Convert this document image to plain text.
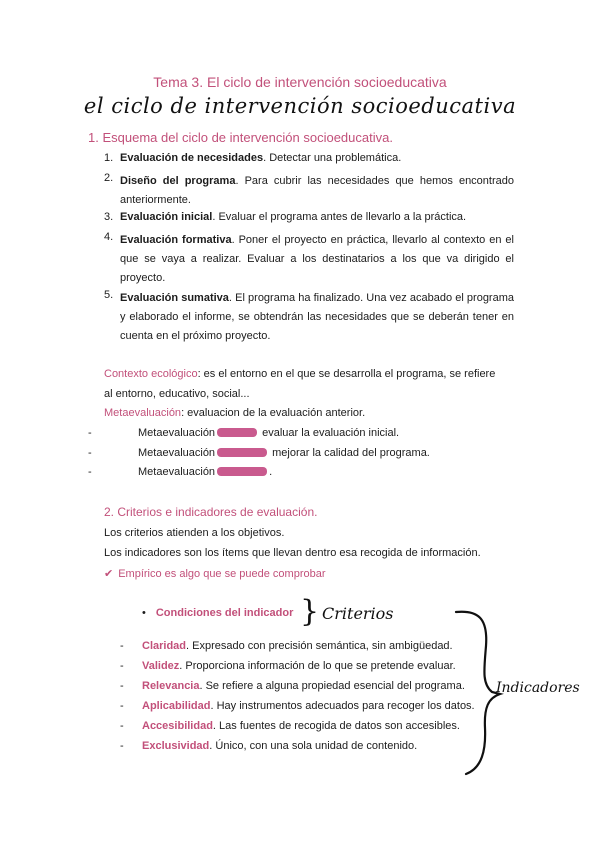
Tema 3. El ciclo de intervención socioeducativa
el ciclo de intervención socioeducativa
1. Esquema del ciclo de intervención socioeducativa.
1. Evaluación de necesidades. Detectar una problemática.
2. Diseño del programa. Para cubrir las necesidades que hemos encontrado anteriormente.
3. Evaluación inicial. Evaluar el programa antes de llevarlo a la práctica.
4. Evaluación formativa. Poner el proyecto en práctica, llevarlo al contexto en el que se vaya a realizar. Evaluar a los destinatarios a los que va dirigido el proyecto.
5. Evaluación sumativa. El programa ha finalizado. Una vez acabado el programa y elaborado el informe, se obtendrán las necesidades que se deberán tener en cuenta en el próximo proyecto.
Contexto ecológico: es el entorno en el que se desarrolla el programa, se refiere
al entorno, educativo, social...
Metaevaluación: evaluacion de la evaluación anterior.
-	Metaevaluación	evaluar la evaluación inicial.
-	Metaevaluación	mejorar la calidad del programa.
-	Metaevaluación	.
2. Criterios e indicadores de evaluación.
Los criterios atienden a los objetivos.
Los indicadores son los ítems que llevan dentro esa recogida de información.
✔ Empírico es algo que se puede comprobar
• Condiciones del indicador } Criterios
- Claridad. Expresado con precisión semántica, sin ambigüedad.
- Validez. Proporciona información de lo que se pretende evaluar.
- Relevancia. Se refiere a alguna propiedad esencial del programa.
- Aplicabilidad. Hay instrumentos adecuados para recoger los datos.
- Accesibilidad. Las fuentes de recogida de datos son accesibles.
- Exclusividad. Único, con una sola unidad de contenido.
Indicadores
